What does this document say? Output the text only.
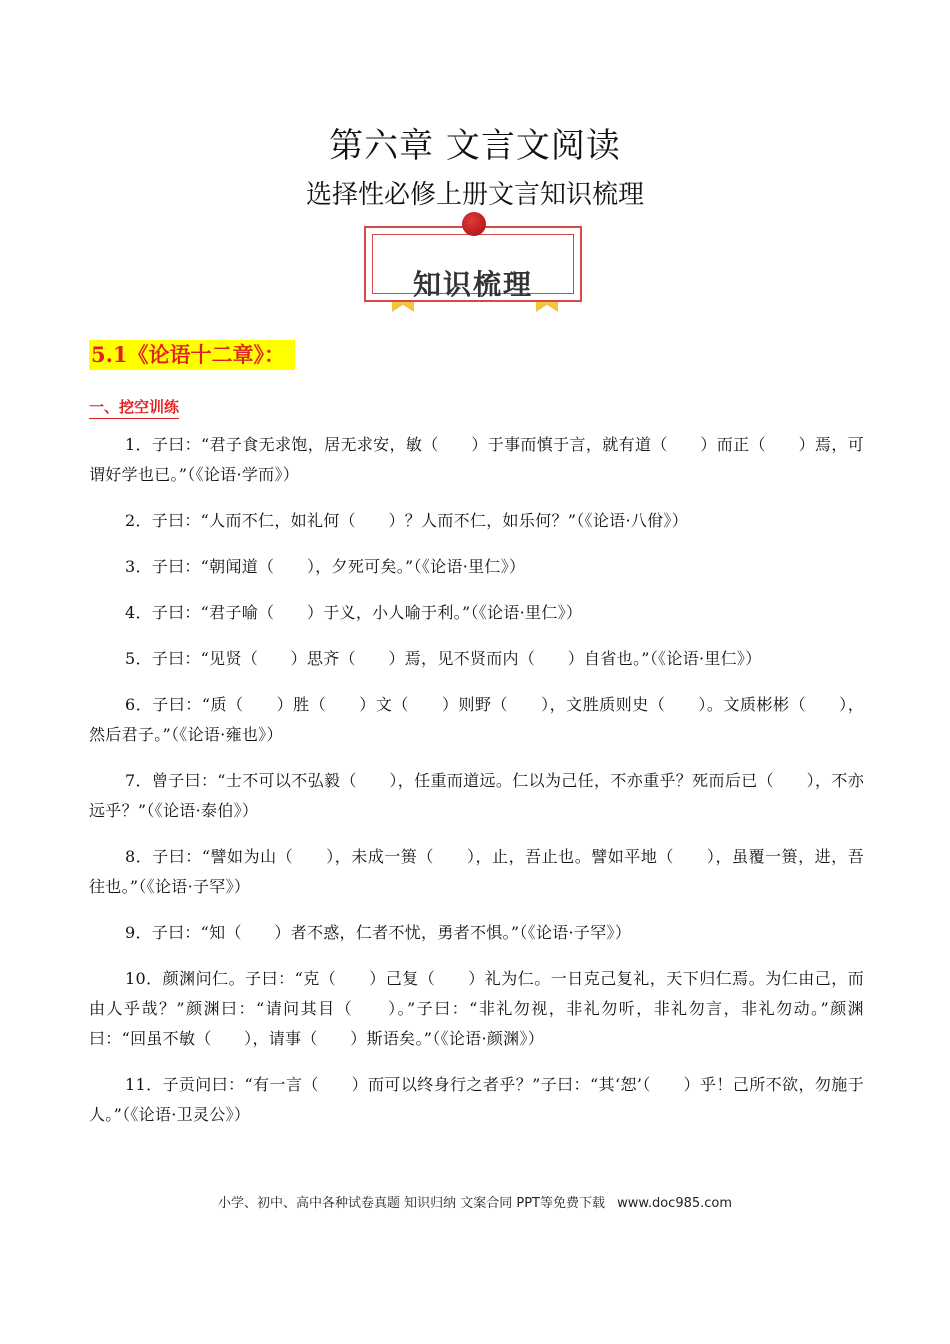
第六章 文言文阅读
选择性必修上册文言知识梳理
知识梳理
5.1《论语十二章》：
一、挖空训练

1．子曰：“君子食无求饱，居无求安，敏（　　）于事而慎于言，就有道（　　）而正（　　）焉，可谓好学也已。”（《论语·学而》）

2．子曰：“人而不仁，如礼何（　　）？人而不仁，如乐何？”（《论语·八佾》）

3．子曰：“朝闻道（　　），夕死可矣。”（《论语·里仁》）

4．子曰：“君子喻（　　）于义，小人喻于利。”（《论语·里仁》）

5．子曰：“见贤（　　）思齐（　　）焉，见不贤而内（　　）自省也。”（《论语·里仁》）

6．子曰：“质（　　）胜（　　）文（　　）则野（　　），文胜质则史（　　）。文质彬彬（　　），然后君子。”（《论语·雍也》）

7．曾子曰：“士不可以不弘毅（　　），任重而道远。仁以为己任，不亦重乎？死而后已（　　），不亦远乎？”（《论语·泰伯》）

8．子曰：“譬如为山（　　），未成一篑（　　），止，吾止也。譬如平地（　　），虽覆一篑，进，吾往也。”（《论语·子罕》）

9．子曰：“知（　　）者不惑，仁者不忧，勇者不惧。”（《论语·子罕》）

10．颜渊问仁。子曰：“克（　　）己复（　　）礼为仁。一日克己复礼，天下归仁焉。为仁由己，而由人乎哉？”颜渊曰：“请问其目（　　）。”子曰：“非礼勿视，非礼勿听，非礼勿言，非礼勿动。”颜渊曰：“回虽不敏（　　），请事（　　）斯语矣。”（《论语·颜渊》）

11．子贡问曰：“有一言（　　）而可以终身行之者乎？”子曰：“其‘恕’（　　）乎！己所不欲，勿施于人。”（《论语·卫灵公》）

小学、初中、高中各种试卷真题 知识归纳 文案合同 PPT等免费下载 www.doc985.com
